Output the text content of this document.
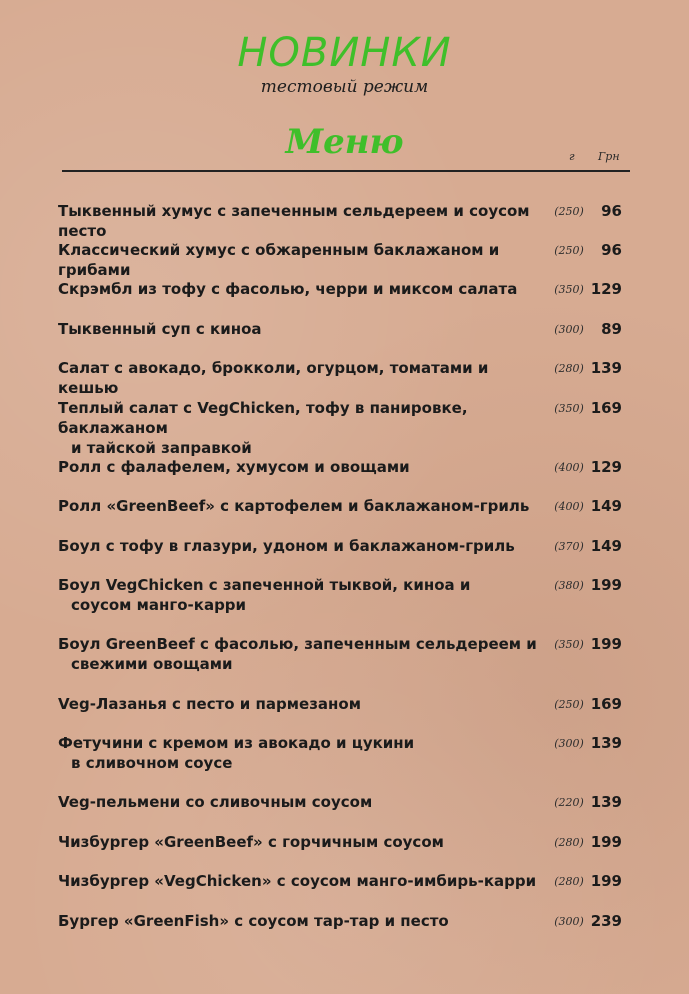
НОВИНКИ
тестовый режим
Меню	г Грн
Тыквенный хумус с запеченным сельдереем и соусом песто
(250) 96
Классический хумус с обжаренным баклажаном и грибами
(250) 96
Скрэмбл из тофу с фасолью, черри и миксом салата	(350) 129
Тыквенный суп с киноа	(300) 89
Салат с авокадо, брокколи, огурцом, томатами и кешью
(280) 139
Теплый салат с VegChicken, тофу в панировке, баклажаном
и тайской заправкой
(350) 169
Ролл с фалафелем, хумусом и овощами	(400) 129
Ролл «GreenBeef» с картофелем и баклажаном-гриль	(400) 149
Боул с тофу в глазури, удоном и баклажаном-гриль	(370) 149
Боул VegChicken с запеченной тыквой, киноа и
соусом манго-карри
(380) 199
Боул GreenBeef с фасолью, запеченным сельдереем и
свежими овощами
(350) 199
Veg-Лазанья с песто и пармезаном	(250) 169
Фетучини с кремом из авокадо и цукини
в сливочном соусе
(300) 139
Veg-пельмени со сливочным соусом	(220) 139
Чизбургер «GreenBeef» с горчичным соусом	(280) 199
Чизбургер «VegChicken» с соусом манго-имбирь-карри	(280) 199
Бургер «GreenFish» с соусом тар-тар и песто	(300) 239
